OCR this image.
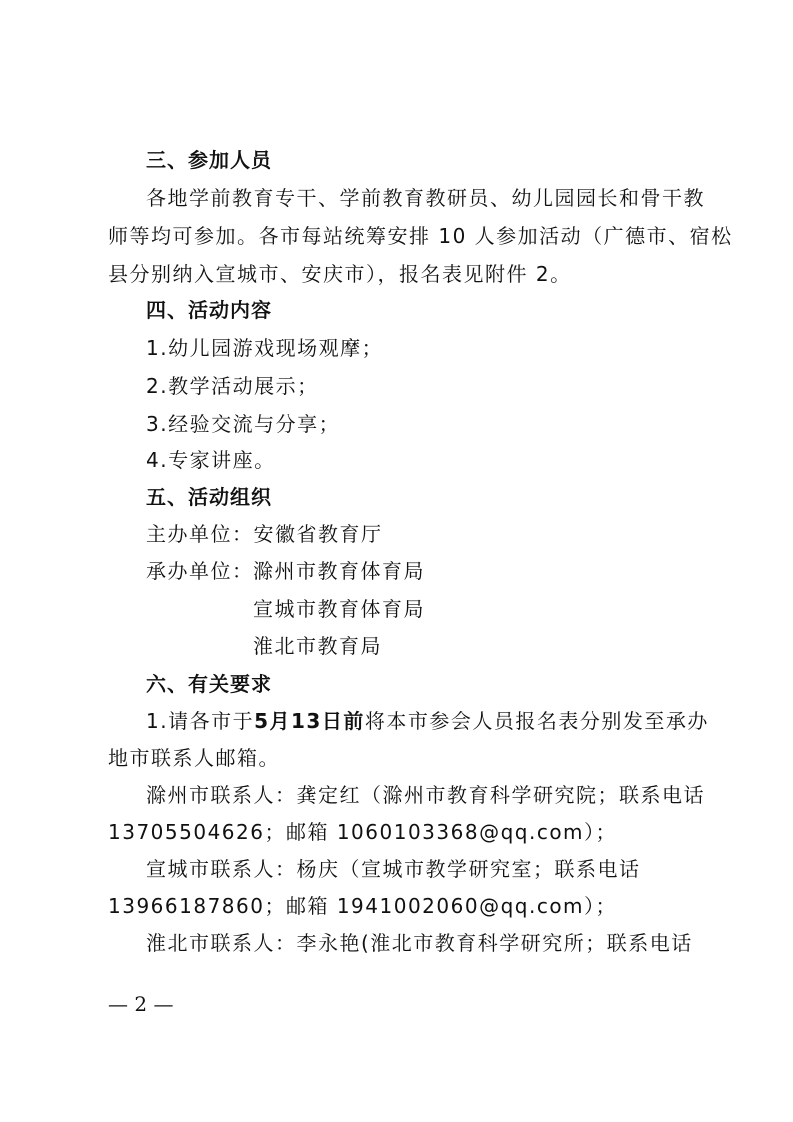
三、参加人员
各地学前教育专干、学前教育教研员、幼儿园园长和骨干教
师等均可参加。各市每站统筹安排 10 人参加活动（广德市、宿松
县分别纳入宣城市、安庆市），报名表见附件 2。
四、活动内容
1.幼儿园游戏现场观摩；
2.教学活动展示；
3.经验交流与分享；
4.专家讲座。
五、活动组织
主办单位：安徽省教育厅
承办单位： 滁州市教育体育局
宣城市教育体育局
淮北市教育局
六、有关要求
1.请各市于5月13日前将本市参会人员报名表分别发至承办
地市联系人邮箱。
滁州市联系人：龚定红（滁州市教育科学研究院；联系电话
13705504626；邮箱 1060103368@qq.com）；
宣城市联系人：杨庆（宣城市教学研究室；联系电话
13966187860；邮箱 1941002060@qq.com）；
淮北市联系人：李永艳(淮北市教育科学研究所；联系电话
— 2 —
